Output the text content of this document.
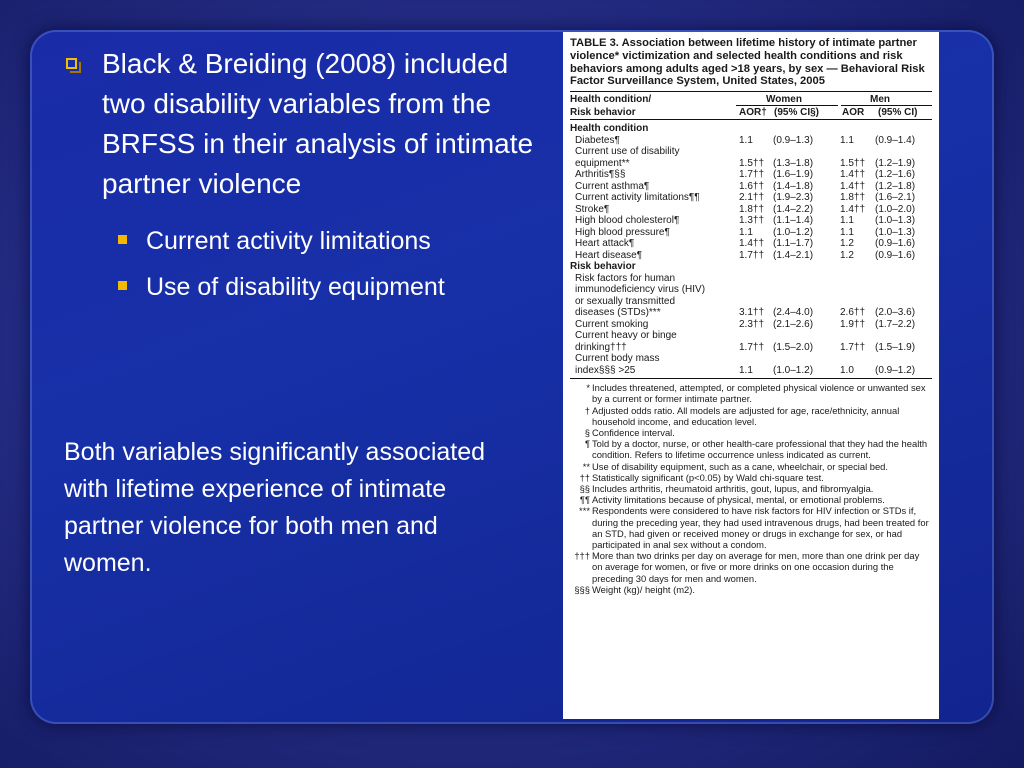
Black & Breiding (2008) included two disability variables from the BRFSS in their analysis of intimate partner violence
Current activity limitations
Use of disability equipment
Both variables significantly associated with lifetime experience of intimate partner violence for both men and women.
TABLE 3. Association between lifetime history of intimate partner violence* victimization and selected health conditions and risk behaviors among adults aged >18 years, by sex — Behavioral Risk Factor Surveillance System, United States, 2005
Health condition/
Risk behavior
Women	Men
AOR† (95% CI§) AOR (95% CI)
Health condition
Diabetes¶	1.1 (0.9–1.3)	1.1 (0.9–1.4)
Current use of disability
equipment**	1.5†† (1.3–1.8)	1.5†† (1.2–1.9)
Arthritis¶§§	1.7†† (1.6–1.9)	1.4†† (1.2–1.6)
Current asthma¶	1.6†† (1.4–1.8)	1.4†† (1.2–1.8)
Current activity limitations¶¶	2.1†† (1.9–2.3)	1.8†† (1.6–2.1)
Stroke¶	1.8†† (1.4–2.2)	1.4†† (1.0–2.0)
High blood cholesterol¶	1.3†† (1.1–1.4)	1.1 (1.0–1.3)
High blood pressure¶	1.1 (1.0–1.2)	1.1 (1.0–1.3)
Heart attack¶	1.4†† (1.1–1.7)	1.2 (0.9–1.6)
Heart disease¶	1.7†† (1.4–2.1)	1.2 (0.9–1.6)
Risk behavior
Risk factors for human
immunodeficiency virus (HIV)
or sexually transmitted
diseases (STDs)***	3.1†† (2.4–4.0)	2.6†† (2.0–3.6)
Current smoking	2.3†† (2.1–2.6)	1.9†† (1.7–2.2)
Current heavy or binge
drinking†††	1.7†† (1.5–2.0)	1.7†† (1.5–1.9)
Current body mass
index§§§ >25	1.1 (1.0–1.2)	1.0 (0.9–1.2)
* Includes threatened, attempted, or completed physical violence or unwanted sex by a current or former intimate partner.
† Adjusted odds ratio. All models are adjusted for age, race/ethnicity, annual household income, and education level.
§ Confidence interval.
¶ Told by a doctor, nurse, or other health-care professional that they had the health condition. Refers to lifetime occurrence unless indicated as current.
** Use of disability equipment, such as a cane, wheelchair, or special bed.
†† Statistically significant (p<0.05) by Wald chi-square test.
§§ Includes arthritis, rheumatoid arthritis, gout, lupus, and fibromyalgia.
¶¶ Activity limitations because of physical, mental, or emotional problems.
*** Respondents were considered to have risk factors for HIV infection or STDs if, during the preceding year, they had used intravenous drugs, had been treated for an STD, had given or received money or drugs in exchange for sex, or had participated in anal sex without a condom.
††† More than two drinks per day on average for men, more than one drink per day on average for women, or five or more drinks on one occasion during the preceding 30 days for men and women.
§§§ Weight (kg)/ height (m2).
